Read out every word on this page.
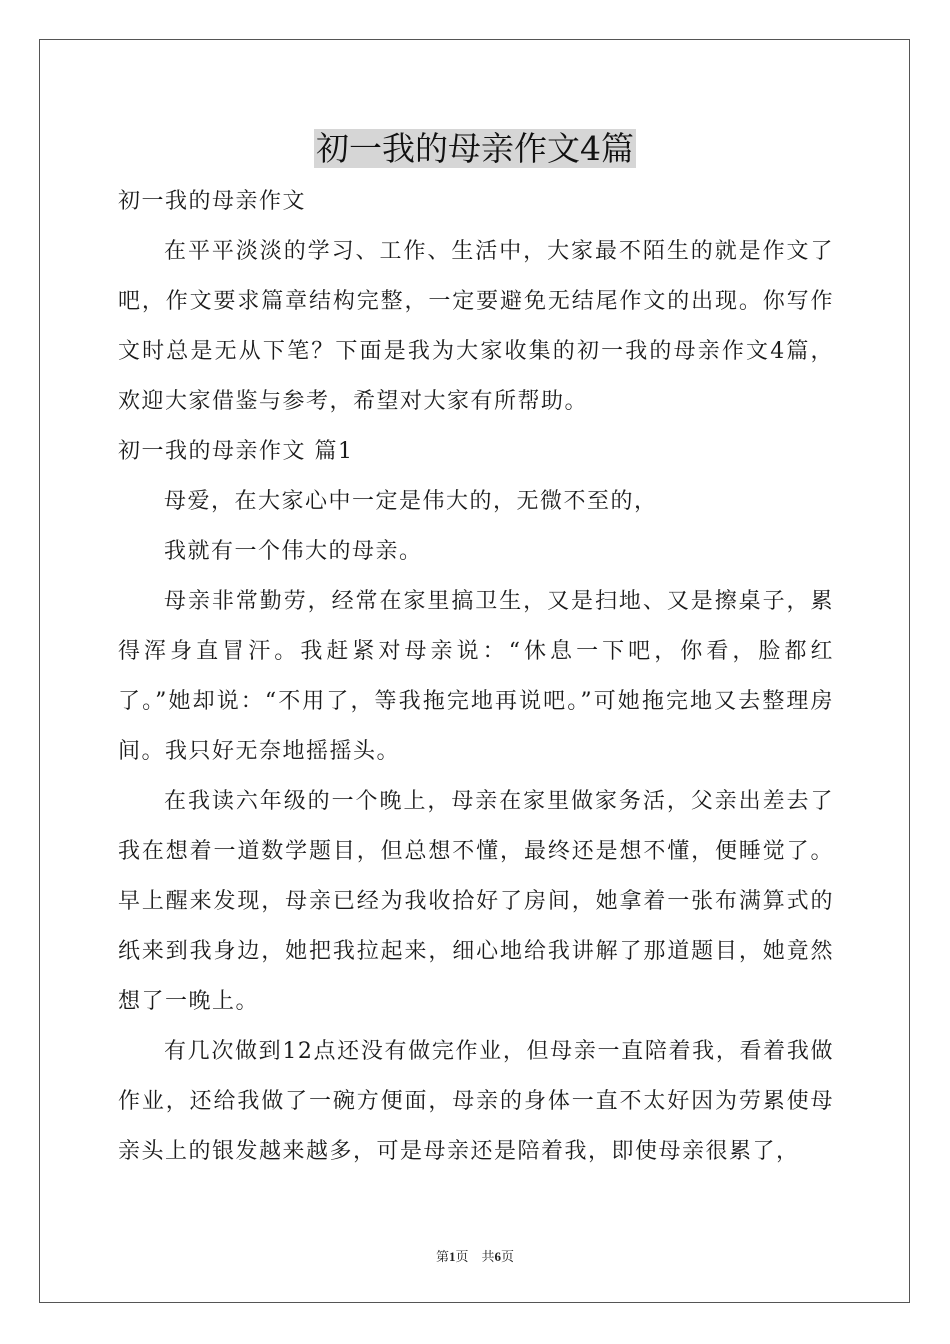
初一我的母亲作文4篇

初一我的母亲作文

在平平淡淡的学习、工作、生活中，大家最不陌生的就是作文了吧，作文要求篇章结构完整，一定要避免无结尾作文的出现。你写作文时总是无从下笔？下面是我为大家收集的初一我的母亲作文4篇，欢迎大家借鉴与参考，希望对大家有所帮助。

初一我的母亲作文 篇1

母爱，在大家心中一定是伟大的，无微不至的，

我就有一个伟大的母亲。

母亲非常勤劳，经常在家里搞卫生，又是扫地、又是擦桌子，累得浑身直冒汗。我赶紧对母亲说：“休息一下吧，你看，脸都红了。”她却说：“不用了，等我拖完地再说吧。”可她拖完地又去整理房间。我只好无奈地摇摇头。

在我读六年级的一个晚上，母亲在家里做家务活，父亲出差去了我在想着一道数学题目，但总想不懂，最终还是想不懂，便睡觉了。早上醒来发现，母亲已经为我收拾好了房间，她拿着一张布满算式的纸来到我身边，她把我拉起来，细心地给我讲解了那道题目，她竟然想了一晚上。

有几次做到12点还没有做完作业，但母亲一直陪着我，看着我做作业，还给我做了一碗方便面，母亲的身体一直不太好因为劳累使母亲头上的银发越来越多，可是母亲还是陪着我，即使母亲很累了，

第1页　共6页
